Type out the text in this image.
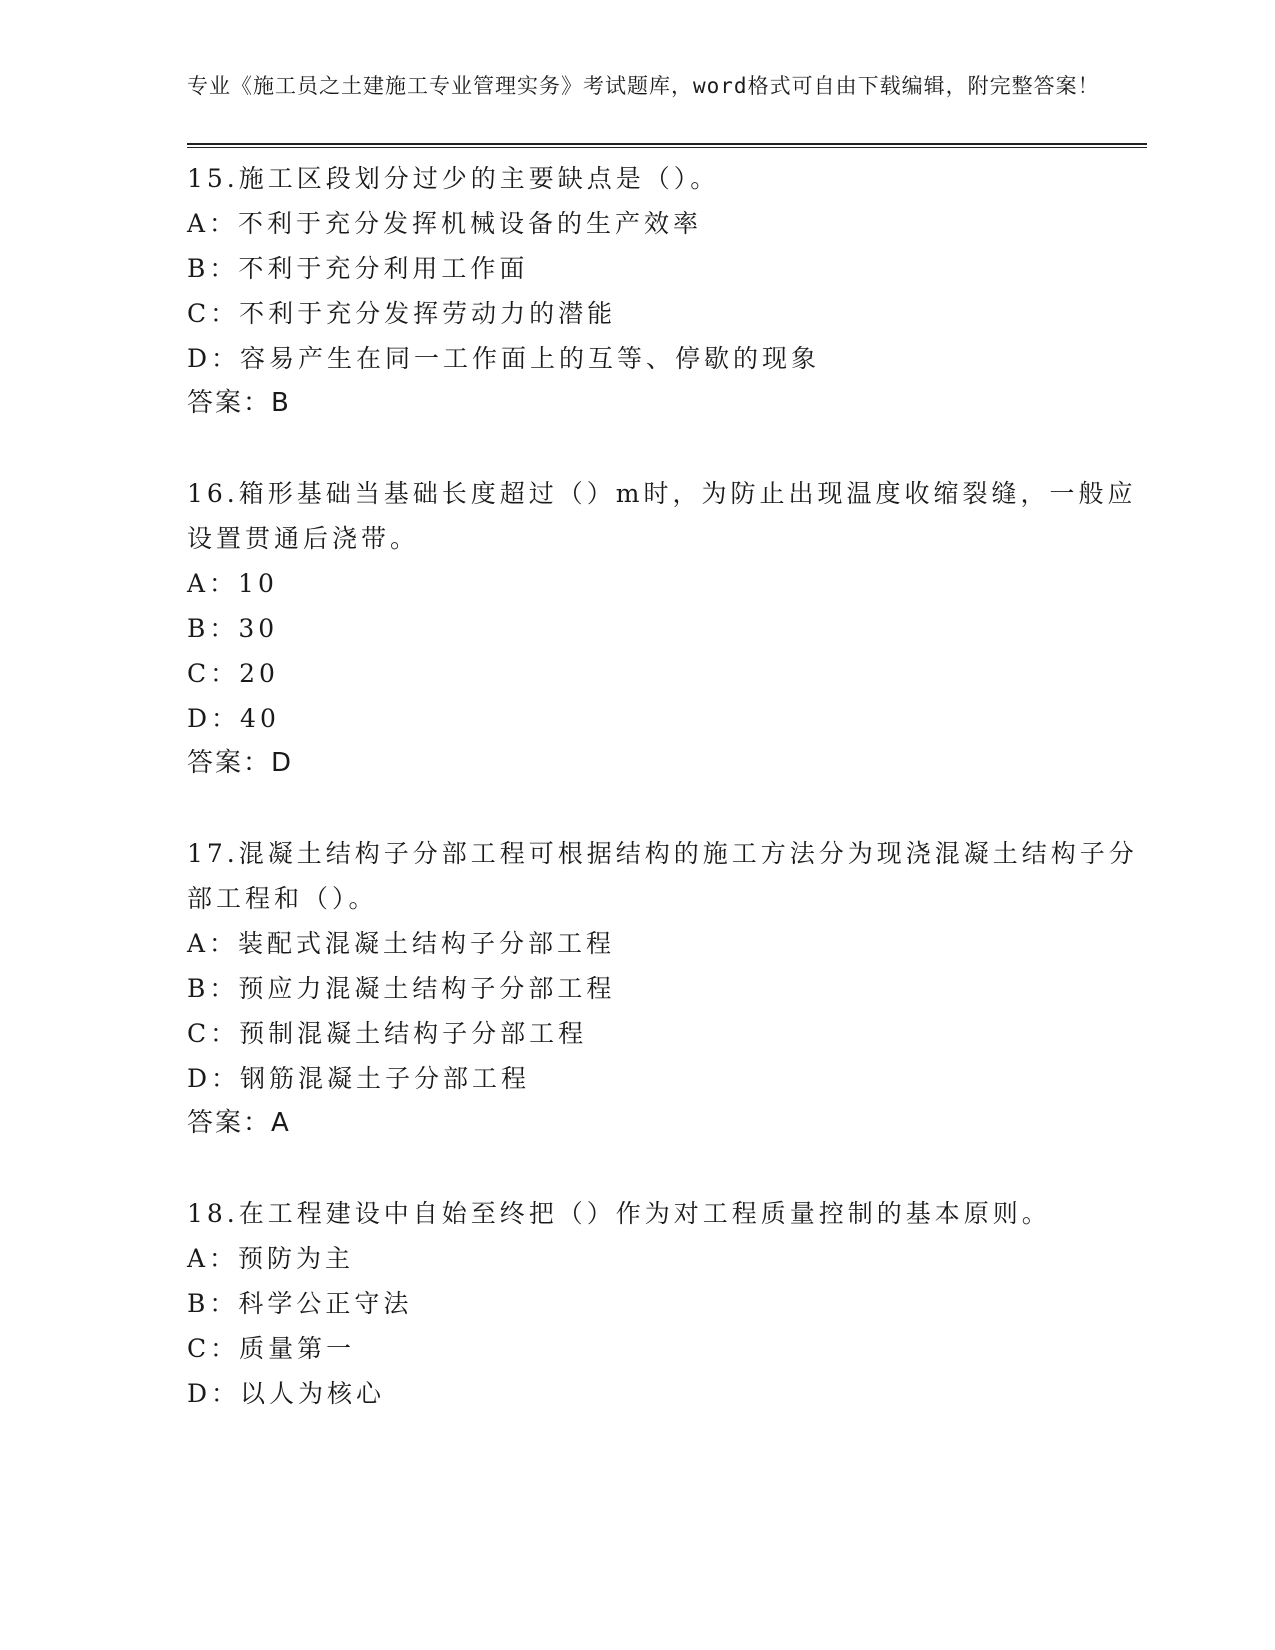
专业《施工员之土建施工专业管理实务》考试题库，word格式可自由下载编辑，附完整答案！

15.施工区段划分过少的主要缺点是（）。

A：不利于充分发挥机械设备的生产效率

B：不利于充分利用工作面

C：不利于充分发挥劳动力的潜能

D：容易产生在同一工作面上的互等、停歇的现象

答案：B

16.箱形基础当基础长度超过（）m时，为防止出现温度收缩裂缝，一般应设置贯通后浇带。

A：10

B：30

C：20

D：40

答案：D

17.混凝土结构子分部工程可根据结构的施工方法分为现浇混凝土结构子分部工程和（）。

A：装配式混凝土结构子分部工程

B：预应力混凝土结构子分部工程

C：预制混凝土结构子分部工程

D：钢筋混凝土子分部工程

答案：A

18.在工程建设中自始至终把（）作为对工程质量控制的基本原则。

A：预防为主

B：科学公正守法

C：质量第一

D：以人为核心
